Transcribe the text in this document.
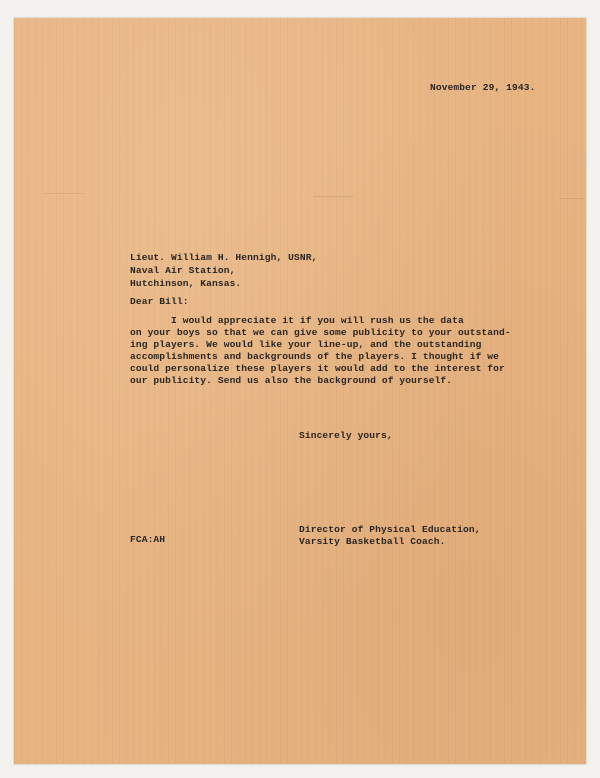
November 29, 1943.
Lieut. William H. Hennigh, USNR,
Naval Air Station,
Hutchinson, Kansas.
Dear Bill:
I would appreciate it if you will rush us the data
on your boys so that we can give some publicity to your outstand-
ing players. We would like your line-up, and the outstanding
accomplishments and backgrounds of the players. I thought if we
could personalize these players it would add to the interest for
our publicity. Send us also the background of yourself.
Sincerely yours,
Director of Physical Education,
Varsity Basketball Coach.
FCA:AH
